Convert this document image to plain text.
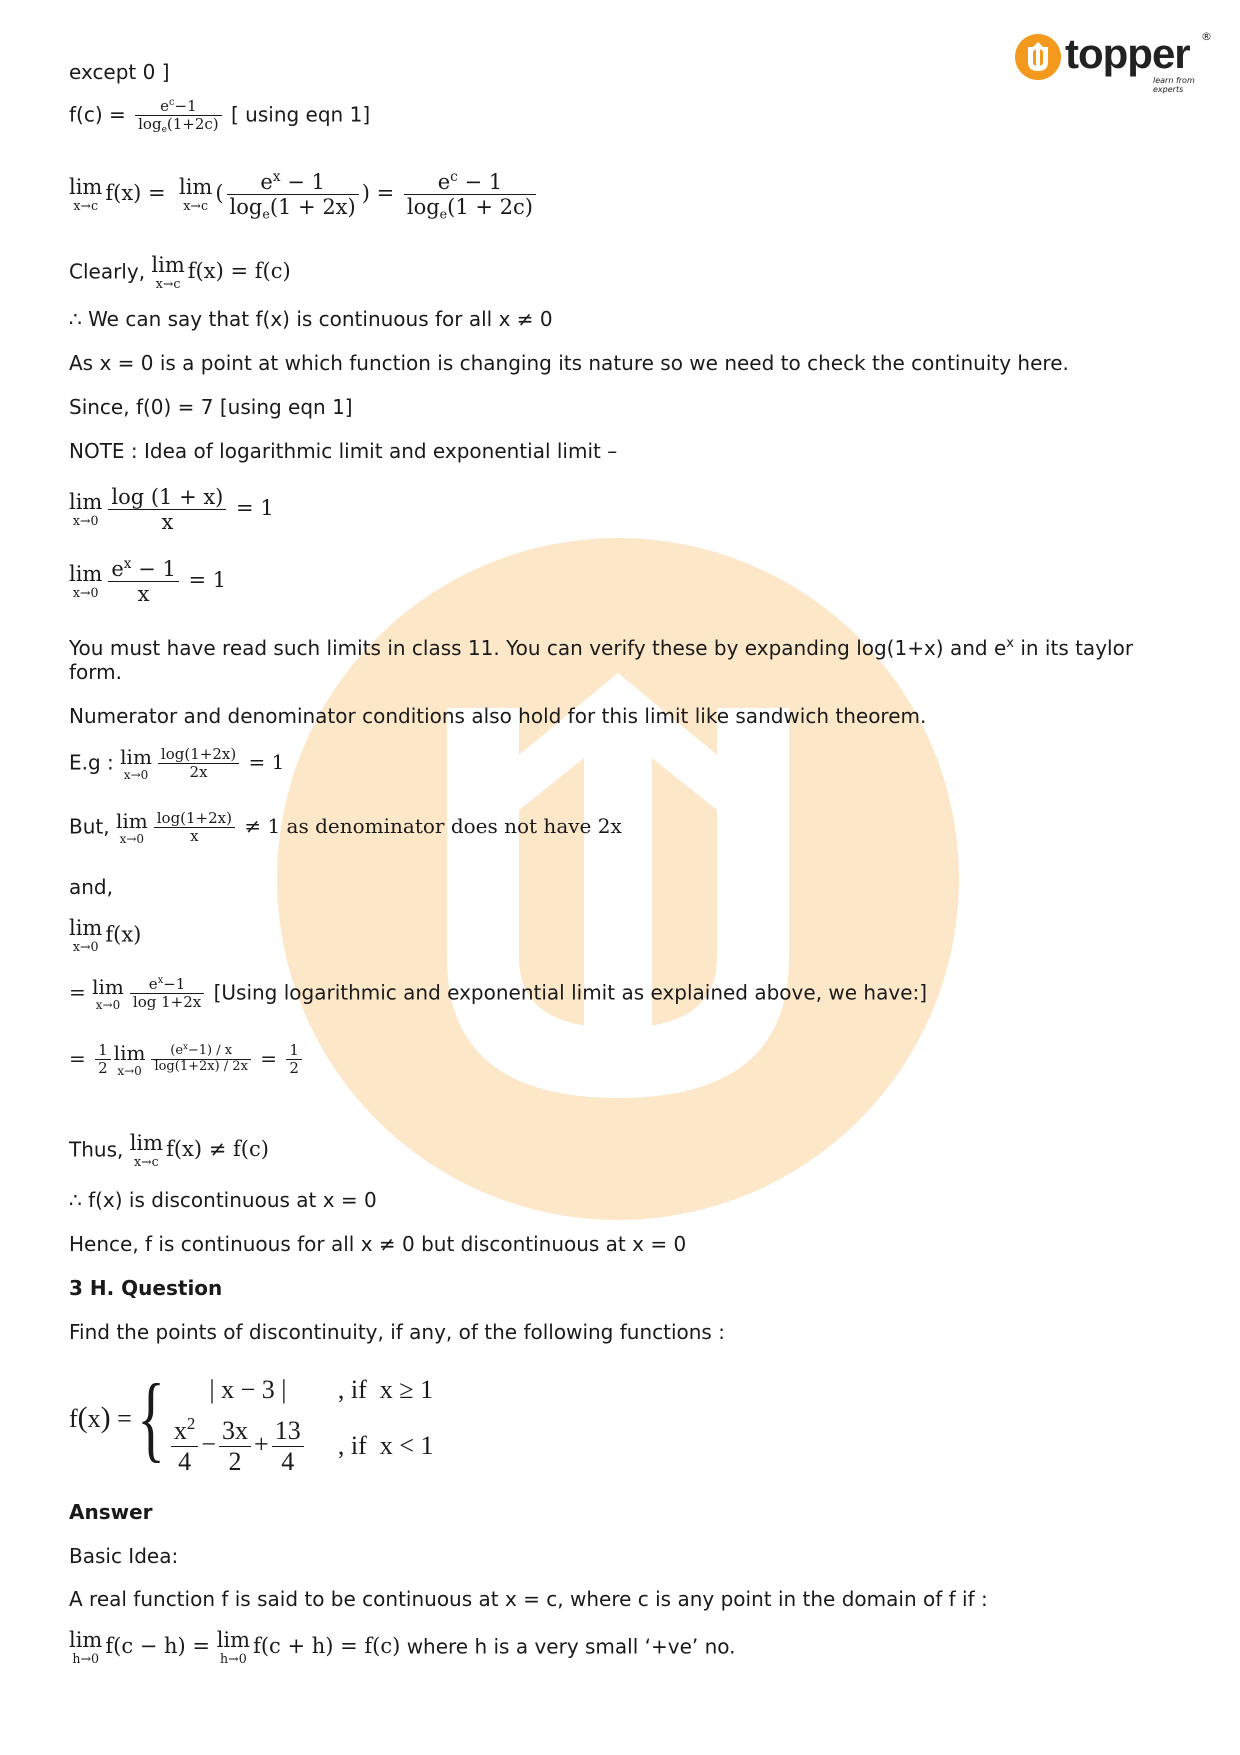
topper ®
learn from experts
except 0 ]
$f(c) = \frac{e^c-1}{\log_e(1+2c)}$ [ using eqn 1]
lim
x→c
f(x) = lim
x→c
( $\frac{e^x - 1}{\log_e(1 + 2x)}$ ) = $\frac{e^c - 1}{\log_e(1 + 2c)}$
Clearly, lim
x→c
f(x) = f(c)
∴ We can say that f(x) is continuous for all x ≠ 0
As x = 0 is a point at which function is changing its nature so we need to check the continuity here.
Since, f(0) = 7 [using eqn 1]
NOTE : Idea of logarithmic limit and exponential limit –
lim
$x\to 0 \frac{\log (1 + x)}{x} = 1$
lim
$x\to 0 \frac{e^x - 1}{x} = 1$
You must have read such limits in class 11. You can verify these by expanding log(1+x) and $e^x$ in its taylor
form.
Numerator and denominator conditions also hold for this limit like sandwich theorem.
E.g : lim
$x\to 0 \frac{\log(1+2x)}{2x} = 1$
But, lim
$x\to 0 \frac{\log(1+2x)}{x} \ne 1$ as denominator does not have 2x
and,
lim
x→0
f(x)
= lim
$x\to 0 \frac{e^x-1}{\log 1+2x} [Using$ logarithmic and exponential limit as explained above, we have:]
= $\frac{1}{2}$ lim
$x\to 0 \frac{(e^x-1) / x}{\log(1+2x) / 2x} = \frac{1}{2}$
Thus, lim
x→c
f(x) ≠ f(c)
∴ f(x) is discontinuous at x = 0
Hence, f is continuous for all x ≠ 0 but discontinuous at x = 0
3 H. Question
Find the points of discontinuity, if any, of the following functions :
f(x) ={	| x − 3 |	, if  x ≥ 1
$\frac{x^2}{4} - \frac{3x}{2} + \frac{13}{4}$ , if  x < 1
Answer
Basic Idea:
A real function f is said to be continuous at x = c, where c is any point in the domain of f if :
lim
h→0
f(c − h) = lim
h→0
f(c + h) = f(c) where h is a very small ‘+ve’ no.
